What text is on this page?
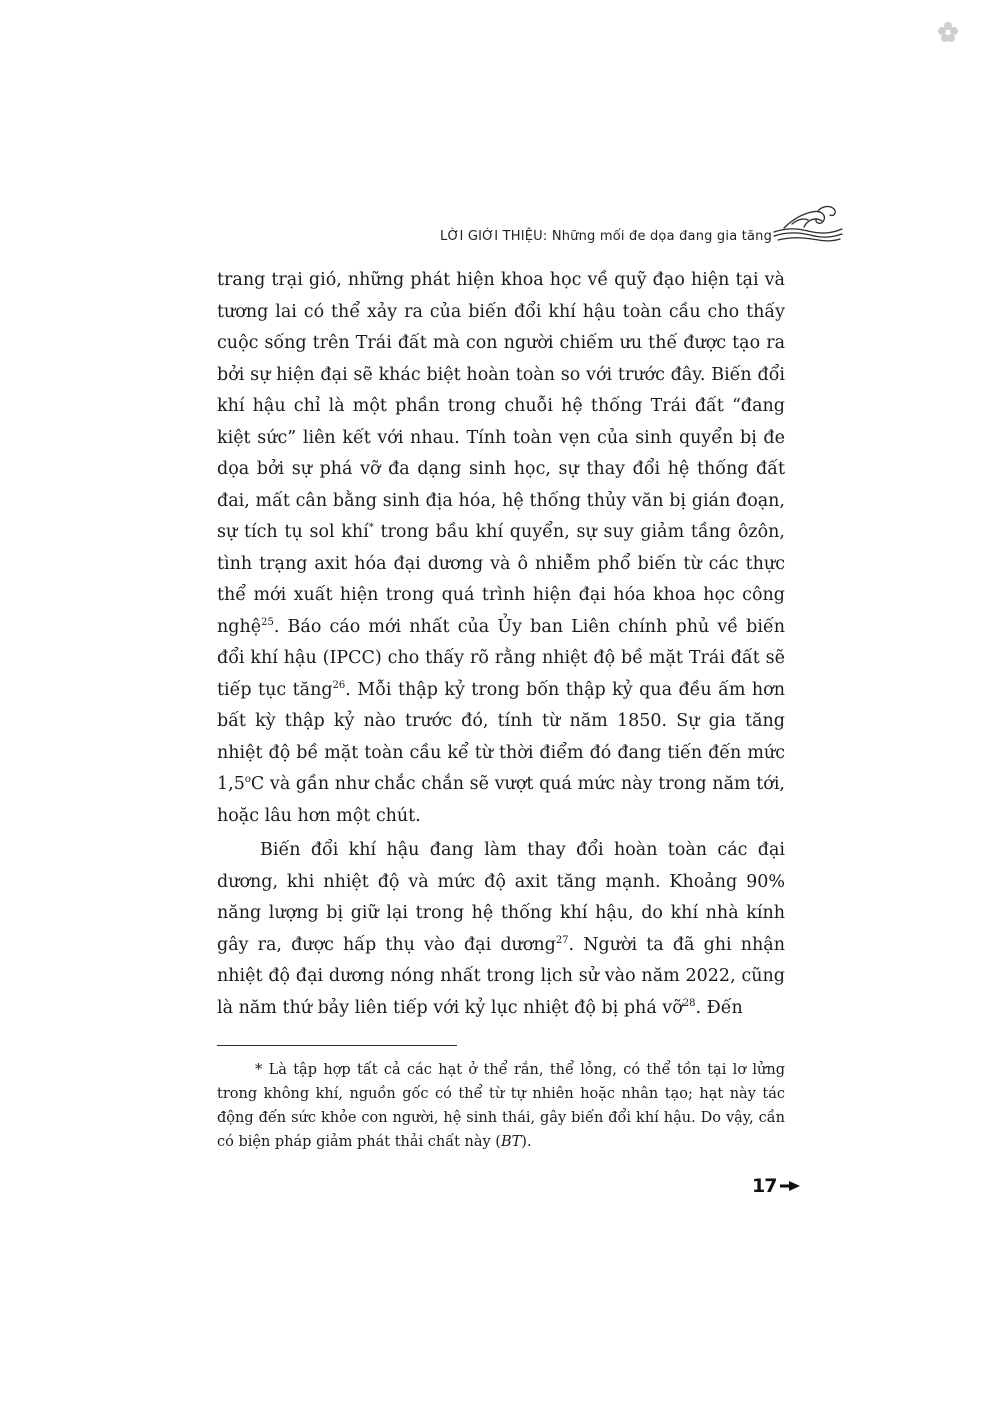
LỜI GIỚI THIỆU: Những mối đe dọa đang gia tăng

trang trại gió, những phát hiện khoa học về quỹ đạo hiện tại và tương lai có thể xảy ra của biến đổi khí hậu toàn cầu cho thấy cuộc sống trên Trái đất mà con người chiếm ưu thế được tạo ra bởi sự hiện đại sẽ khác biệt hoàn toàn so với trước đây. Biến đổi khí hậu chỉ là một phần trong chuỗi hệ thống Trái đất “đang kiệt sức” liên kết với nhau. Tính toàn vẹn của sinh quyển bị đe dọa bởi sự phá vỡ đa dạng sinh học, sự thay đổi hệ thống đất đai, mất cân bằng sinh địa hóa, hệ thống thủy văn bị gián đoạn, sự tích tụ sol khí* trong bầu khí quyển, sự suy giảm tầng ôzôn, tình trạng axit hóa đại dương và ô nhiễm phổ biến từ các thực thể mới xuất hiện trong quá trình hiện đại hóa khoa học công nghệ$^{25}$. Báo cáo mới nhất của Ủy ban Liên chính phủ về biến đổi khí hậu (IPCC) cho thấy rõ rằng nhiệt độ bề mặt Trái đất sẽ tiếp tục tăng$^{26}$. Mỗi thập kỷ trong bốn thập kỷ qua đều ấm hơn bất kỳ thập kỷ nào trước đó, tính từ năm 1850. Sự gia tăng nhiệt độ bề mặt toàn cầu kể từ thời điểm đó đang tiến đến mức 1,5$^o$C và gần như chắc chắn sẽ vượt quá mức này trong năm tới, hoặc lâu hơn một chút.

Biến đổi khí hậu đang làm thay đổi hoàn toàn các đại dương, khi nhiệt độ và mức độ axit tăng mạnh. Khoảng 90% năng lượng bị giữ lại trong hệ thống khí hậu, do khí nhà kính gây ra, được hấp thụ vào đại dương$^{27}$. Người ta đã ghi nhận nhiệt độ đại dương nóng nhất trong lịch sử vào năm 2022, cũng là năm thứ bảy liên tiếp với kỷ lục nhiệt độ bị phá vỡ$^{28}$. Đến

* Là tập hợp tất cả các hạt ở thể rắn, thể lỏng, có thể tồn tại lơ lửng trong không khí, nguồn gốc có thể từ tự nhiên hoặc nhân tạo; hạt này tác động đến sức khỏe con người, hệ sinh thái, gây biến đổi khí hậu. Do vậy, cần có biện pháp giảm phát thải chất này (BT).

17
